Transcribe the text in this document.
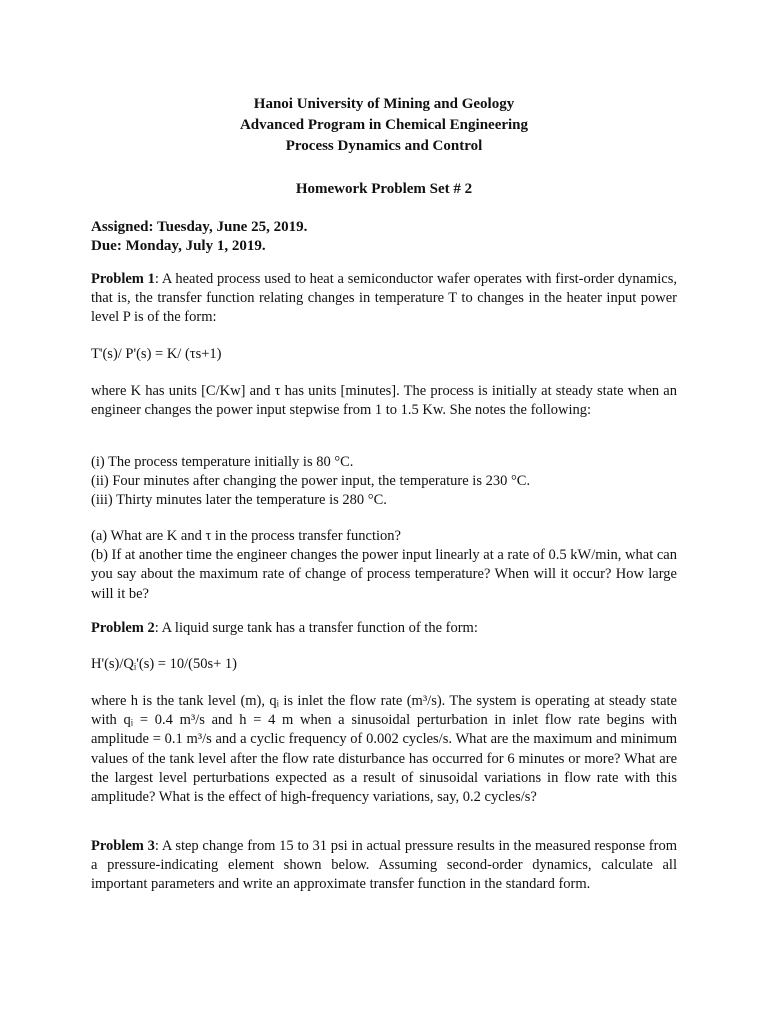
Hanoi University of Mining and Geology
Advanced Program in Chemical Engineering
Process Dynamics and Control
Homework Problem Set # 2
Assigned: Tuesday, June 25, 2019.
Due: Monday, July 1, 2019.
Problem 1: A heated process used to heat a semiconductor wafer operates with first-order dynamics, that is, the transfer function relating changes in temperature T to changes in the heater input power level P is of the form:
T'(s)/ P'(s) = K/ (τs+1)
where K has units [C/Kw] and τ has units [minutes]. The process is initially at steady state when an engineer changes the power input stepwise from 1 to 1.5 Kw. She notes the following:
(i) The process temperature initially is 80 °C.
(ii) Four minutes after changing the power input, the temperature is 230 °C.
(iii) Thirty minutes later the temperature is 280 °C.
(a) What are K and τ in the process transfer function?
(b) If at another time the engineer changes the power input linearly at a rate of 0.5 kW/min, what can you say about the maximum rate of change of process temperature? When will it occur? How large will it be?
Problem 2: A liquid surge tank has a transfer function of the form:
H'(s)/Qᵢ'(s) = 10/(50s+ 1)
where h is the tank level (m), qᵢ is inlet the flow rate (m³/s). The system is operating at steady state with qᵢ = 0.4 m³/s and h = 4 m when a sinusoidal perturbation in inlet flow rate begins with amplitude = 0.1 m³/s and a cyclic frequency of 0.002 cycles/s. What are the maximum and minimum values of the tank level after the flow rate disturbance has occurred for 6 minutes or more? What are the largest level perturbations expected as a result of sinusoidal variations in flow rate with this amplitude? What is the effect of high-frequency variations, say, 0.2 cycles/s?
Problem 3: A step change from 15 to 31 psi in actual pressure results in the measured response from a pressure-indicating element shown below. Assuming second-order dynamics, calculate all important parameters and write an approximate transfer function in the standard form.
